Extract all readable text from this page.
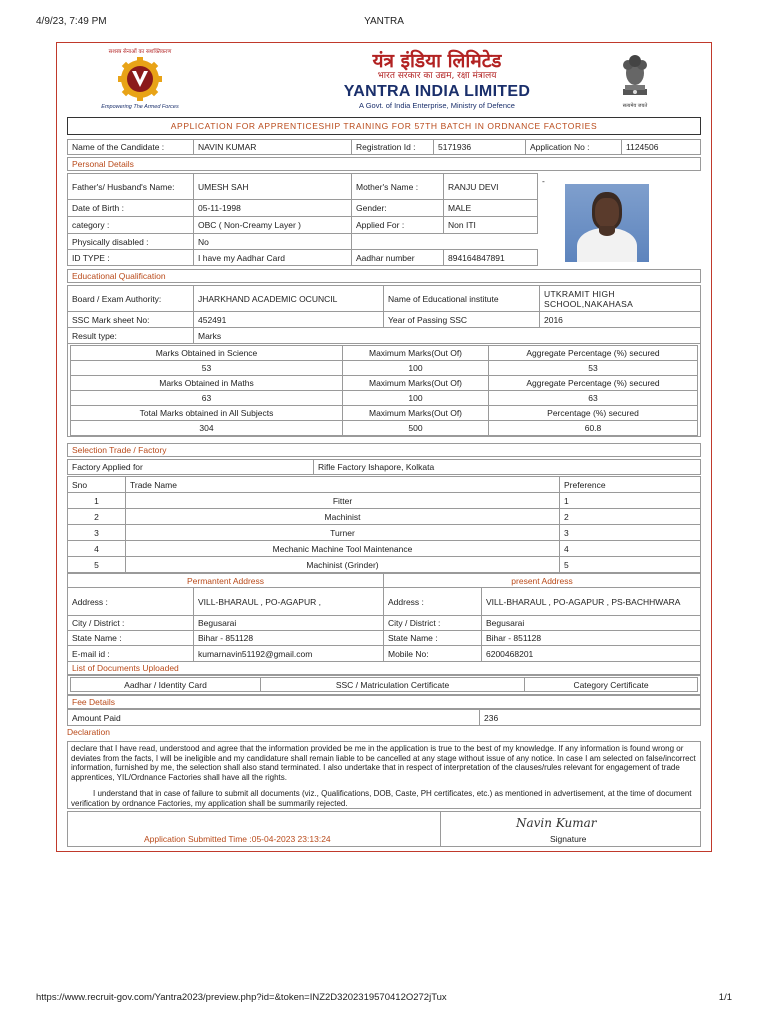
4/9/23, 7:49 PM	YANTRA
सशस्त्र सेनाओं का सशक्तिकरण
Empowering The Armed Forces
यंत्र इंडिया लिमिटेड
भारत सरकार का उद्यम, रक्षा मंत्रालय
YANTRA INDIA LIMITED
A Govt. of India Enterprise, Ministry of Defence	सत्यमेव जयते
APPLICATION FOR APPRENTICESHIP TRAINING FOR 57TH BATCH IN ORDNANCE FACTORIES
Name of the Candidate :	NAVIN KUMAR	Registration Id :	5171936	Application No :	1124506
Personal Details
Father's/ Husband's Name:	UMESH SAH	Mother's Name :	RANJU DEVI	-
Date of Birth :	05-11-1998	Gender:	MALE	
category :	OBC ( Non-Creamy Layer )	Applied For :	Non ITI	
Physically disabled :	No			
ID TYPE :	I have my Aadhar Card	Aadhar number	894164847891	
Educational Qualification
Board / Exam Authority:	JHARKHAND ACADEMIC OCUNCIL	Name of Educational institute	UTKRAMIT HIGH SCHOOL,NAKAHASA
SSC Mark sheet No:	452491	Year of Passing SSC	2016
Result type:	Marks		
Marks Obtained in Science	Maximum Marks(Out Of)	Aggregate Percentage (%) secured
53	100	53
Marks Obtained in Maths	Maximum Marks(Out Of)	Aggregate Percentage (%) secured
63	100	63
Total Marks obtained in All Subjects	Maximum Marks(Out Of)	Percentage (%) secured
304	500	60.8
Selection Trade / Factory
Factory Applied for	Rifle Factory Ishapore, Kolkata
Sno	Trade Name	Preference
1	Fitter	1
2	Machinist	2
3	Turner	3
4	Mechanic Machine Tool Maintenance	4
5	Machinist (Grinder)	5
Permantent Address		present Address	
Address :	VILL-BHARAUL , PO-AGAPUR ,	Address :	VILL-BHARAUL , PO-AGAPUR , PS-BACHHWARA
City / District :	Begusarai	City / District :	Begusarai
State Name :	Bihar - 851128	State Name :	Bihar - 851128
E-mail id :	kumarnavin51192@gmail.com	Mobile No:	6200468201
List of Documents Uploaded
Aadhar / Identity Card	SSC / Matriculation Certificate	Category Certificate
Fee Details
Amount Paid	236
Declaration
declare that I have read, understood and agree that the information provided be me in the application is true to the best of my knowledge. If any information is found wrong or deviates from the facts, I will be ineligible and my candidature shall remain liable to be cancelled at any stage without issue of any notice. In case I am selected on false/incorrect information, furnished by me, the selection shall also stand terminated. I also undertake that in respect of interpretation of the clauses/rules relevant for engagement of trade apprentices, YIL/Ordnance Factories shall have all the rights.
I understand that in case of failure to submit all documents (viz., Qualifications, DOB, Caste, PH certificates, etc.) as mentioned in advertisement, at the time of document verification by ordnance Factories, my application shall be summarily rejected.
Application Submitted Time :05-04-2023 23:13:24
Navin Kumar
Signature
https://www.recruit-gov.com/Yantra2023/preview.php?id=&token=INZ2D3202319570412O272jTux	1/1
